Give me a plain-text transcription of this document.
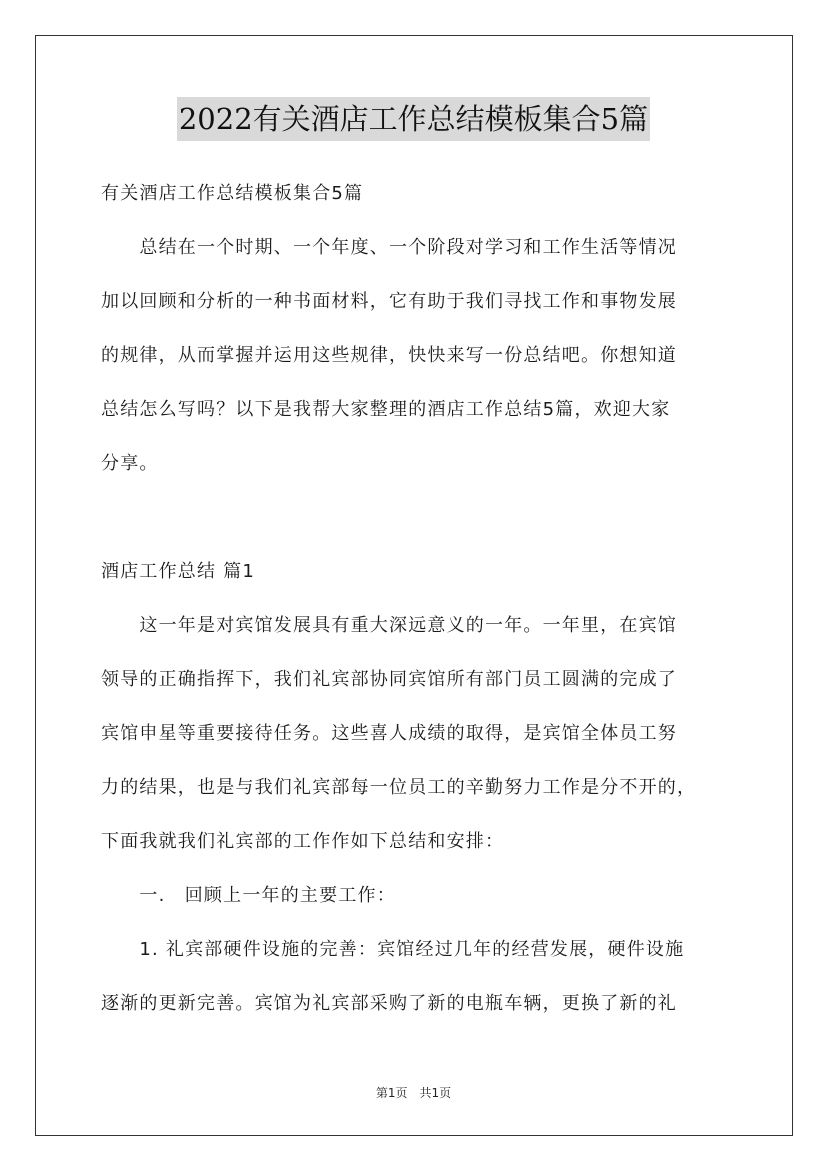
2022有关酒店工作总结模板集合5篇
有关酒店工作总结模板集合5篇
　　总结在一个时期、一个年度、一个阶段对学习和工作生活等情况
加以回顾和分析的一种书面材料，它有助于我们寻找工作和事物发展
的规律，从而掌握并运用这些规律，快快来写一份总结吧。你想知道
总结怎么写吗？以下是我帮大家整理的酒店工作总结5篇，欢迎大家
分享。
酒店工作总结 篇1
　　这一年是对宾馆发展具有重大深远意义的一年。一年里，在宾馆
领导的正确指挥下，我们礼宾部协同宾馆所有部门员工圆满的完成了
宾馆申星等重要接待任务。这些喜人成绩的取得，是宾馆全体员工努
力的结果，也是与我们礼宾部每一位员工的辛勤努力工作是分不开的，
下面我就我们礼宾部的工作作如下总结和安排：
　　一.　回顾上一年的主要工作：
　　1. 礼宾部硬件设施的完善：宾馆经过几年的经营发展，硬件设施
逐渐的更新完善。宾馆为礼宾部采购了新的电瓶车辆，更换了新的礼
第1页　共1页
